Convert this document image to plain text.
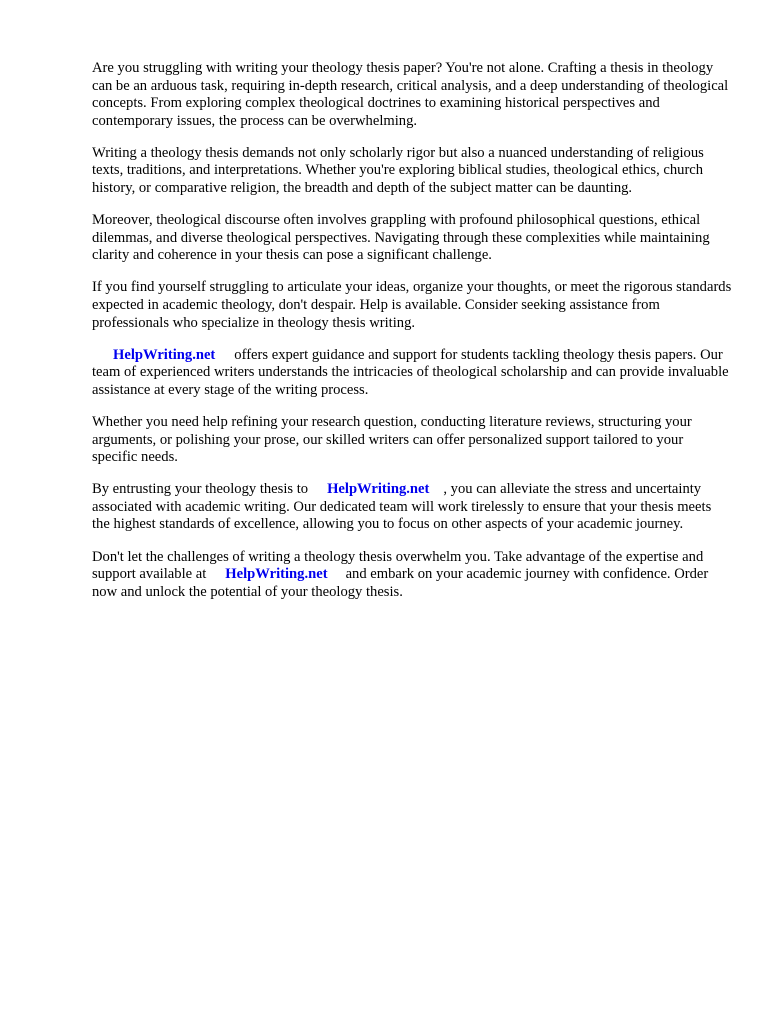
Are you struggling with writing your theology thesis paper? You're not alone. Crafting a thesis in theology can be an arduous task, requiring in-depth research, critical analysis, and a deep understanding of theological concepts. From exploring complex theological doctrines to examining historical perspectives and contemporary issues, the process can be overwhelming.

Writing a theology thesis demands not only scholarly rigor but also a nuanced understanding of religious texts, traditions, and interpretations. Whether you're exploring biblical studies, theological ethics, church history, or comparative religion, the breadth and depth of the subject matter can be daunting.

Moreover, theological discourse often involves grappling with profound philosophical questions, ethical dilemmas, and diverse theological perspectives. Navigating through these complexities while maintaining clarity and coherence in your thesis can pose a significant challenge.

If you find yourself struggling to articulate your ideas, organize your thoughts, or meet the rigorous standards expected in academic theology, don't despair. Help is available. Consider seeking assistance from professionals who specialize in theology thesis writing.

HelpWriting.net offers expert guidance and support for students tackling theology thesis papers. Our team of experienced writers understands the intricacies of theological scholarship and can provide invaluable assistance at every stage of the writing process.

Whether you need help refining your research question, conducting literature reviews, structuring your arguments, or polishing your prose, our skilled writers can offer personalized support tailored to your specific needs.

By entrusting your theology thesis to HelpWriting.net , you can alleviate the stress and uncertainty associated with academic writing. Our dedicated team will work tirelessly to ensure that your thesis meets the highest standards of excellence, allowing you to focus on other aspects of your academic journey.

Don't let the challenges of writing a theology thesis overwhelm you. Take advantage of the expertise and support available at HelpWriting.net and embark on your academic journey with confidence. Order now and unlock the potential of your theology thesis.
